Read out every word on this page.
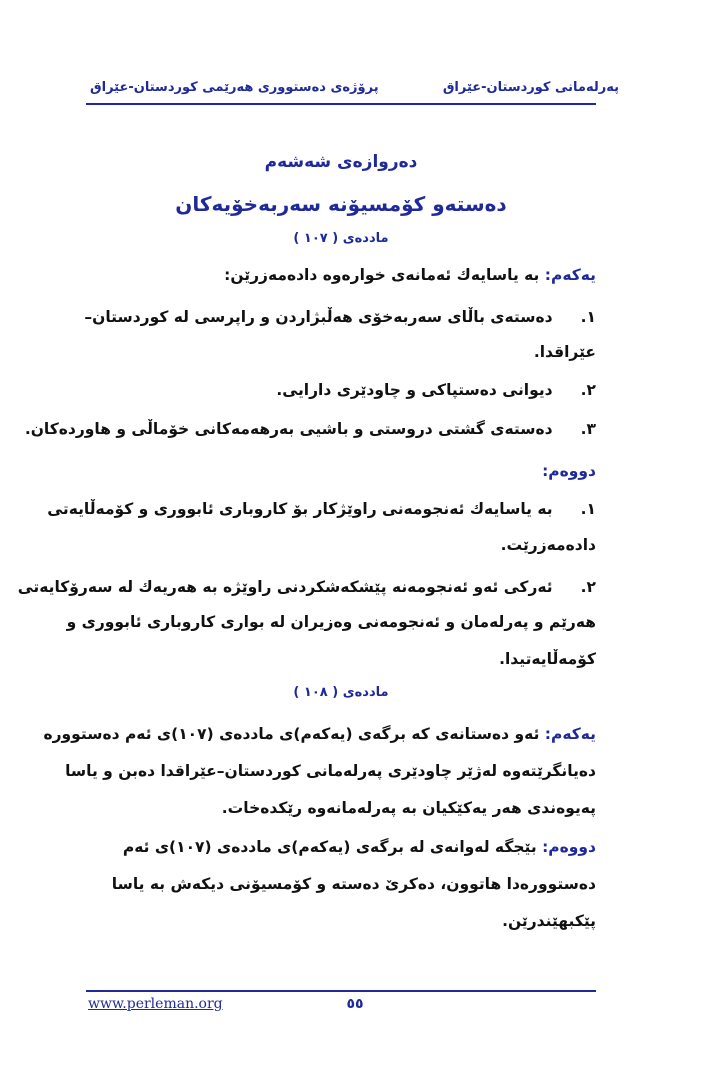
پەرلەمانی کوردستان-عێراق
پرۆژەی دەستووری هەرێمی کوردستان-عێراق
دەروازەی شەشەم
دەستەو کۆمسیۆنە سەربەخۆیەکان
ماددەی ( ١٠٧ )
یەکەم: بە یاسایەك ئەمانەی خوارەوە دادەمەزرێن:
١. دەستەی باڵای سەربەخۆی هەڵبژاردن و راپرسی لە کوردستان–
عێراقدا.
٢. دیوانی دەستپاکی و چاودێری دارایی.
٣. دەستەی گشتی دروستی و باشیی بەرهەمەکانی خۆماڵی و هاوردەکان.
دووەم:
١. بە یاسایەك ئەنجومەنی راوێژکار بۆ کاروباری ئابووری و کۆمەڵایەتی
دادەمەزرێت.
٢. ئەرکی ئەو ئەنجومەنە پێشکەشکردنی راوێژە بە هەریەك لە سەرۆکایەتی
هەرێم و پەرلەمان و ئەنجومەنی وەزیران لە بواری کاروباری ئابووری و
کۆمەڵایەتیدا.
ماددەی ( ١٠٨ )
یەکەم: ئەو دەستانەی کە برگەی (یەکەم)ی ماددەی (١٠٧)ی ئەم دەستوورە
دەیانگرێتەوە لەژێر چاودێری پەرلەمانی کوردستان–عێراقدا دەبن و یاسا
پەیوەندی هەر یەکێکیان بە پەرلەمانەوە رێکدەخات.
دووەم: بێجگە لەوانەی لە برگەی (یەکەم)ی ماددەی (١٠٧)ی ئەم
دەستوورەدا هاتوون، دەکرێ دەستە و کۆمسیۆنی دیکەش بە یاسا
پێکبهێندرێن.
www.perleman.org	٥٥
